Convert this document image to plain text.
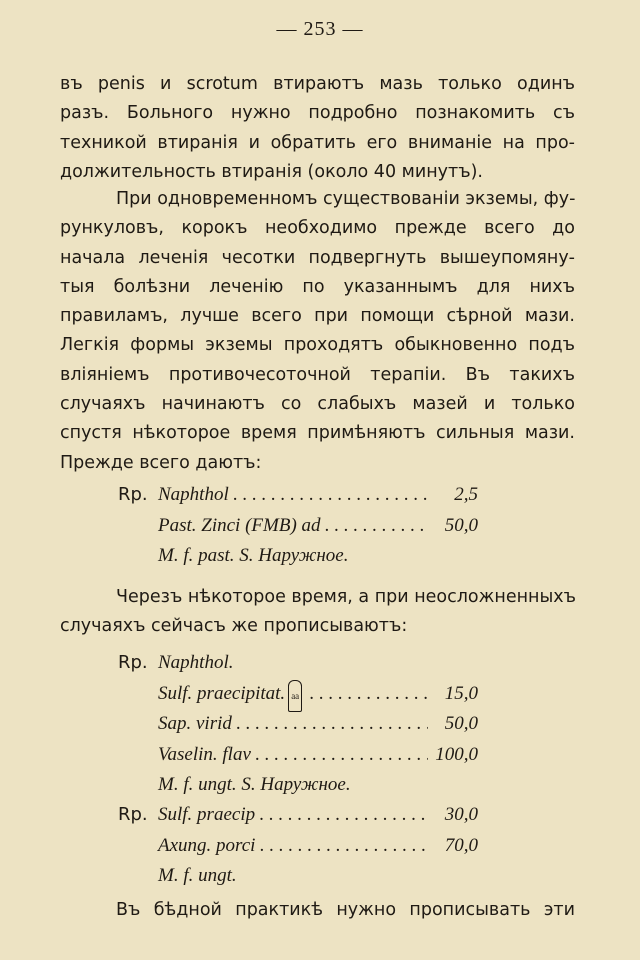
— 253 —
въ penis и scrotum втираютъ мазь только одинъ
разъ. Больного нужно подробно познакомить съ
техникой втиранія и обратить его вниманіе на про-
должительность втиранія (около 40 минутъ).
При одновременномъ существованіи экземы, фу-
рункуловъ, корокъ необходимо прежде всего до
начала леченія чесотки подвергнуть вышеупомяну-
тыя болѣзни леченію по указаннымъ для нихъ
правиламъ, лучше всего при помощи сѣрной мази.
Легкія формы экземы проходятъ обыкновенно подъ
вліяніемъ противочесоточной терапіи. Въ такихъ
случаяхъ начинаютъ со слабыхъ мазей и только
спустя нѣкоторое время примѣняютъ сильныя мази.
Прежде всего даютъ:
Rp. Naphthol . . .	2,5
Past. Zinci (FMB) ad . . .	50,0
M. f. past. S. Наружное.
Черезъ нѣкоторое время, а при неосложненныхъ
случаяхъ сейчасъ же прописываютъ:
Rp. Naphthol.
Sulf. praecipitat. aa . . .	15,0
Sap. virid . . .	50,0
Vaselin. flav . . .	100,0
M. f. ungt. S. Наружное.
Rp. Sulf. praecip . . .	30,0
Axung. porci . . .	70,0
M. f. ungt.
Въ бѣдной практикѣ нужно прописывать эти
